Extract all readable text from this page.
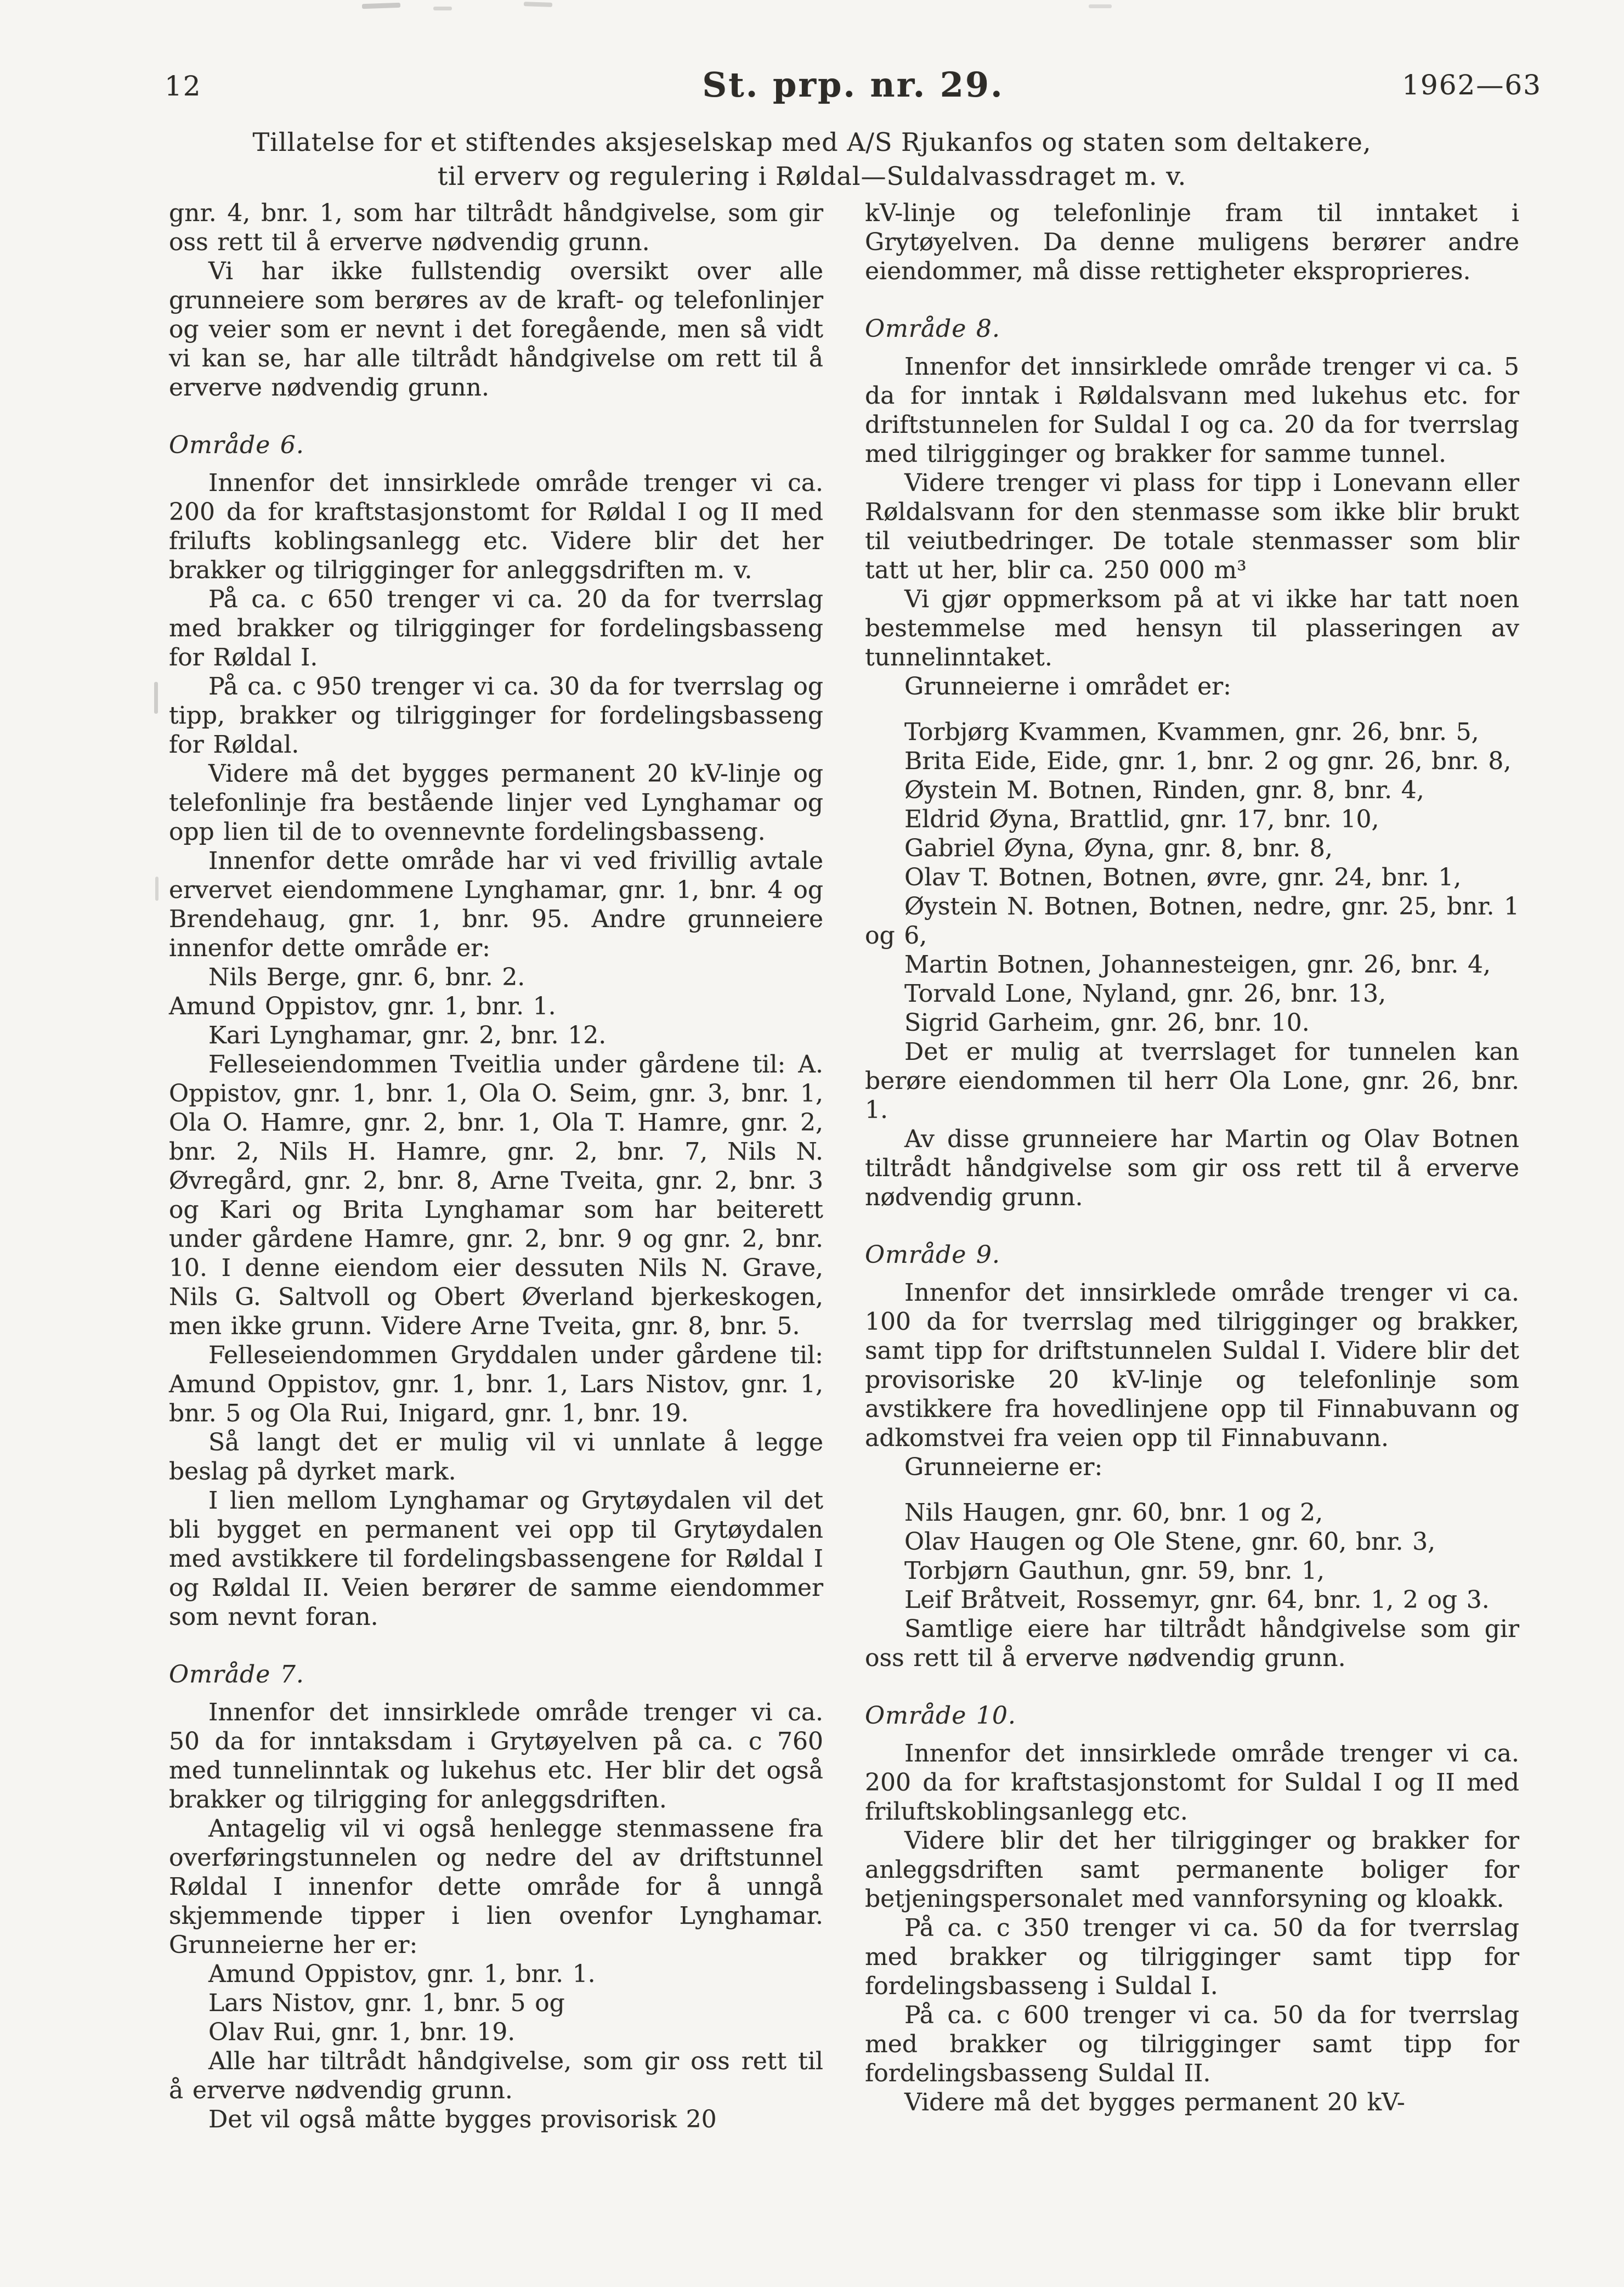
12	St. prp. nr. 29.	1962—63
Tillatelse for et stiftendes aksjeselskap med A/S Rjukanfos og staten som deltakere,
til erverv og regulering i Røldal—Suldalvassdraget m. v.

gnr. 4, bnr. 1, som har tiltrådt håndgivelse, som gir oss rett til å erverve nødvendig grunn.

Vi har ikke fullstendig oversikt over alle grunneiere som berøres av de kraft- og telefonlinjer og veier som er nevnt i det foregående, men så vidt vi kan se, har alle tiltrådt håndgivelse om rett til å erverve nødvendig grunn.

Område 6.

Innenfor det innsirklede område trenger vi ca. 200 da for kraftstasjonstomt for Røldal I og II med frilufts koblingsanlegg etc. Videre blir det her brakker og tilrigginger for anleggsdriften m. v.

På ca. c 650 trenger vi ca. 20 da for tverrslag med brakker og tilrigginger for fordelingsbasseng for Røldal I.

På ca. c 950 trenger vi ca. 30 da for tverrslag og tipp, brakker og tilrigginger for fordelingsbasseng for Røldal.

Videre må det bygges permanent 20 kV-linje og telefonlinje fra bestående linjer ved Lynghamar og opp lien til de to ovennevnte fordelingsbasseng.

Innenfor dette område har vi ved frivillig avtale ervervet eiendommene Lynghamar, gnr. 1, bnr. 4 og Brendehaug, gnr. 1, bnr. 95. Andre grunneiere innenfor dette område er:

Nils Berge, gnr. 6, bnr. 2.

Amund Oppistov, gnr. 1, bnr. 1.

Kari Lynghamar, gnr. 2, bnr. 12.

Felleseiendommen Tveitlia under gårdene til: A. Oppistov, gnr. 1, bnr. 1, Ola O. Seim, gnr. 3, bnr. 1, Ola O. Hamre, gnr. 2, bnr. 1, Ola T. Hamre, gnr. 2, bnr. 2, Nils H. Hamre, gnr. 2, bnr. 7, Nils N. Øvregård, gnr. 2, bnr. 8, Arne Tveita, gnr. 2, bnr. 3 og Kari og Brita Lynghamar som har beiterett under gårdene Hamre, gnr. 2, bnr. 9 og gnr. 2, bnr. 10. I denne eiendom eier dessuten Nils N. Grave, Nils G. Saltvoll og Obert Øverland bjerkeskogen, men ikke grunn. Videre Arne Tveita, gnr. 8, bnr. 5.

Felleseiendommen Gryddalen under gårdene til: Amund Oppistov, gnr. 1, bnr. 1, Lars Nistov, gnr. 1, bnr. 5 og Ola Rui, Inigard, gnr. 1, bnr. 19.

Så langt det er mulig vil vi unnlate å legge beslag på dyrket mark.

I lien mellom Lynghamar og Grytøydalen vil det bli bygget en permanent vei opp til Grytøydalen med avstikkere til fordelingsbassengene for Røldal I og Røldal II. Veien berører de samme eiendommer som nevnt foran.

Område 7.

Innenfor det innsirklede område trenger vi ca. 50 da for inntaksdam i Grytøyelven på ca. c 760 med tunnelinntak og lukehus etc. Her blir det også brakker og tilrigging for anleggsdriften.

Antagelig vil vi også henlegge stenmassene fra overføringstunnelen og nedre del av driftstunnel Røldal I innenfor dette område for å unngå skjemmende tipper i lien ovenfor Lynghamar. Grunneierne her er:

Amund Oppistov, gnr. 1, bnr. 1.

Lars Nistov, gnr. 1, bnr. 5 og

Olav Rui, gnr. 1, bnr. 19.

Alle har tiltrådt håndgivelse, som gir oss rett til å erverve nødvendig grunn.

Det vil også måtte bygges provisorisk 20

kV-linje og telefonlinje fram til inntaket i Grytøyelven. Da denne muligens berører andre eiendommer, må disse rettigheter eksproprieres.

Område 8.

Innenfor det innsirklede område trenger vi ca. 5 da for inntak i Røldalsvann med lukehus etc. for driftstunnelen for Suldal I og ca. 20 da for tverrslag med tilrigginger og brakker for samme tunnel.

Videre trenger vi plass for tipp i Lonevann eller Røldalsvann for den stenmasse som ikke blir brukt til veiutbedringer. De totale stenmasser som blir tatt ut her, blir ca. 250 000 m³

Vi gjør oppmerksom på at vi ikke har tatt noen bestemmelse med hensyn til plasseringen av tunnelinntaket.

Grunneierne i området er:

Torbjørg Kvammen, Kvammen, gnr. 26, bnr. 5,

Brita Eide, Eide, gnr. 1, bnr. 2 og gnr. 26, bnr. 8,

Øystein M. Botnen, Rinden, gnr. 8, bnr. 4,

Eldrid Øyna, Brattlid, gnr. 17, bnr. 10,

Gabriel Øyna, Øyna, gnr. 8, bnr. 8,

Olav T. Botnen, Botnen, øvre, gnr. 24, bnr. 1,

Øystein N. Botnen, Botnen, nedre, gnr. 25, bnr. 1 og 6,

Martin Botnen, Johannesteigen, gnr. 26, bnr. 4,

Torvald Lone, Nyland, gnr. 26, bnr. 13,

Sigrid Garheim, gnr. 26, bnr. 10.

Det er mulig at tverrslaget for tunnelen kan berøre eiendommen til herr Ola Lone, gnr. 26, bnr. 1.

Av disse grunneiere har Martin og Olav Botnen tiltrådt håndgivelse som gir oss rett til å erverve nødvendig grunn.

Område 9.

Innenfor det innsirklede område trenger vi ca. 100 da for tverrslag med tilrigginger og brakker, samt tipp for driftstunnelen Suldal I. Videre blir det provisoriske 20 kV-linje og telefonlinje som avstikkere fra hovedlinjene opp til Finnabuvann og adkomstvei fra veien opp til Finnabuvann.

Grunneierne er:

Nils Haugen, gnr. 60, bnr. 1 og 2,

Olav Haugen og Ole Stene, gnr. 60, bnr. 3,

Torbjørn Gauthun, gnr. 59, bnr. 1,

Leif Bråtveit, Rossemyr, gnr. 64, bnr. 1, 2 og 3.

Samtlige eiere har tiltrådt håndgivelse som gir oss rett til å erverve nødvendig grunn.

Område 10.

Innenfor det innsirklede område trenger vi ca. 200 da for kraftstasjonstomt for Suldal I og II med friluftskoblingsanlegg etc.

Videre blir det her tilrigginger og brakker for anleggsdriften samt permanente boliger for betjeningspersonalet med vannforsyning og kloakk.

På ca. c 350 trenger vi ca. 50 da for tverrslag med brakker og tilrigginger samt tipp for fordelingsbasseng i Suldal I.

På ca. c 600 trenger vi ca. 50 da for tverrslag med brakker og tilrigginger samt tipp for fordelingsbasseng Suldal II.

Videre må det bygges permanent 20 kV-
